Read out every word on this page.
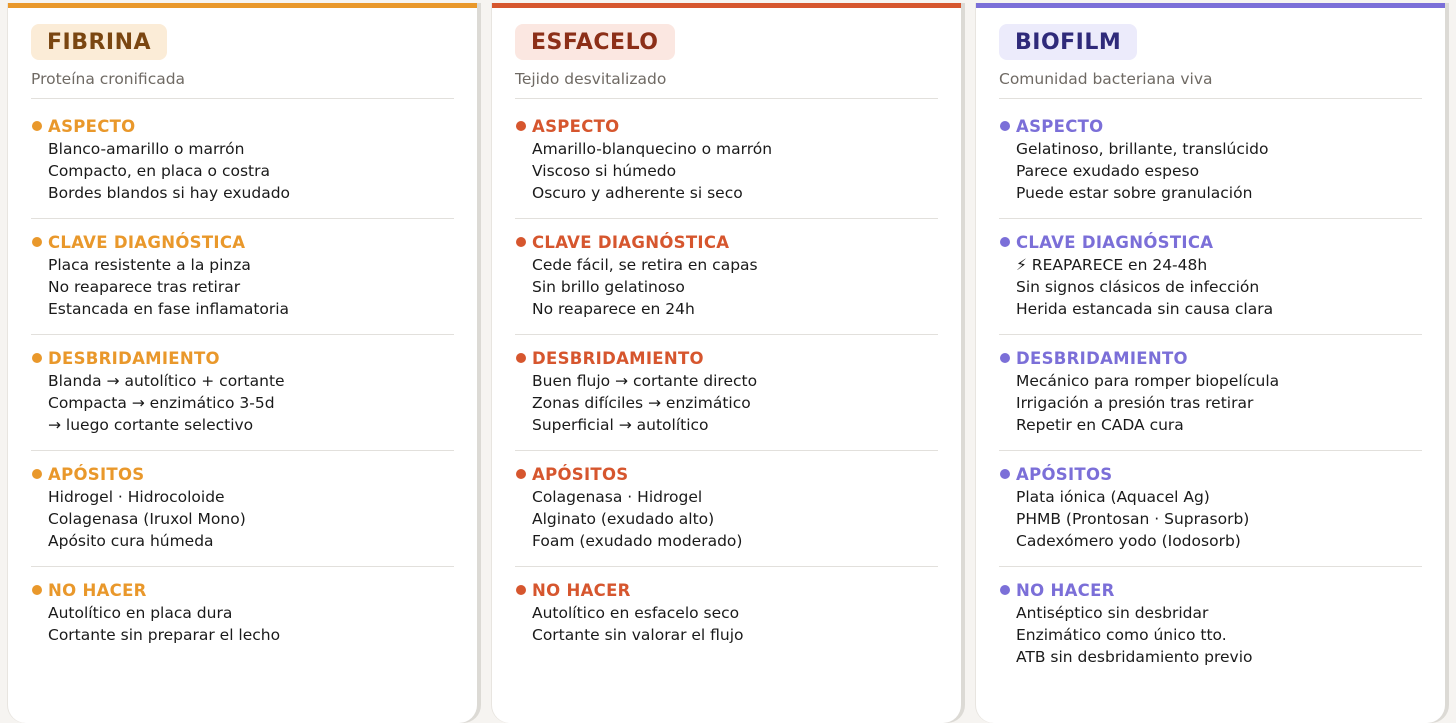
FIBRINA
Proteína cronificada
ASPECTO
Blanco-amarillo o marrón
Compacto, en placa o costra
Bordes blandos si hay exudado
CLAVE DIAGNÓSTICA
Placa resistente a la pinza
No reaparece tras retirar
Estancada en fase inflamatoria
DESBRIDAMIENTO
Blanda → autolítico + cortante
Compacta → enzimático 3-5d
→ luego cortante selectivo
APÓSITOS
Hidrogel · Hidrocoloide
Colagenasa (Iruxol Mono)
Apósito cura húmeda
NO HACER
Autolítico en placa dura
Cortante sin preparar el lecho
ESFACELO
Tejido desvitalizado
ASPECTO
Amarillo-blanquecino o marrón
Viscoso si húmedo
Oscuro y adherente si seco
CLAVE DIAGNÓSTICA
Cede fácil, se retira en capas
Sin brillo gelatinoso
No reaparece en 24h
DESBRIDAMIENTO
Buen flujo → cortante directo
Zonas difíciles → enzimático
Superficial → autolítico
APÓSITOS
Colagenasa · Hidrogel
Alginato (exudado alto)
Foam (exudado moderado)
NO HACER
Autolítico en esfacelo seco
Cortante sin valorar el flujo
BIOFILM
Comunidad bacteriana viva
ASPECTO
Gelatinoso, brillante, translúcido
Parece exudado espeso
Puede estar sobre granulación
CLAVE DIAGNÓSTICA
⚡ REAPARECE en 24-48h
Sin signos clásicos de infección
Herida estancada sin causa clara
DESBRIDAMIENTO
Mecánico para romper biopelícula
Irrigación a presión tras retirar
Repetir en CADA cura
APÓSITOS
Plata iónica (Aquacel Ag)
PHMB (Prontosan · Suprasorb)
Cadexómero yodo (Iodosorb)
NO HACER
Antiséptico sin desbridar
Enzimático como único tto.
ATB sin desbridamiento previo
